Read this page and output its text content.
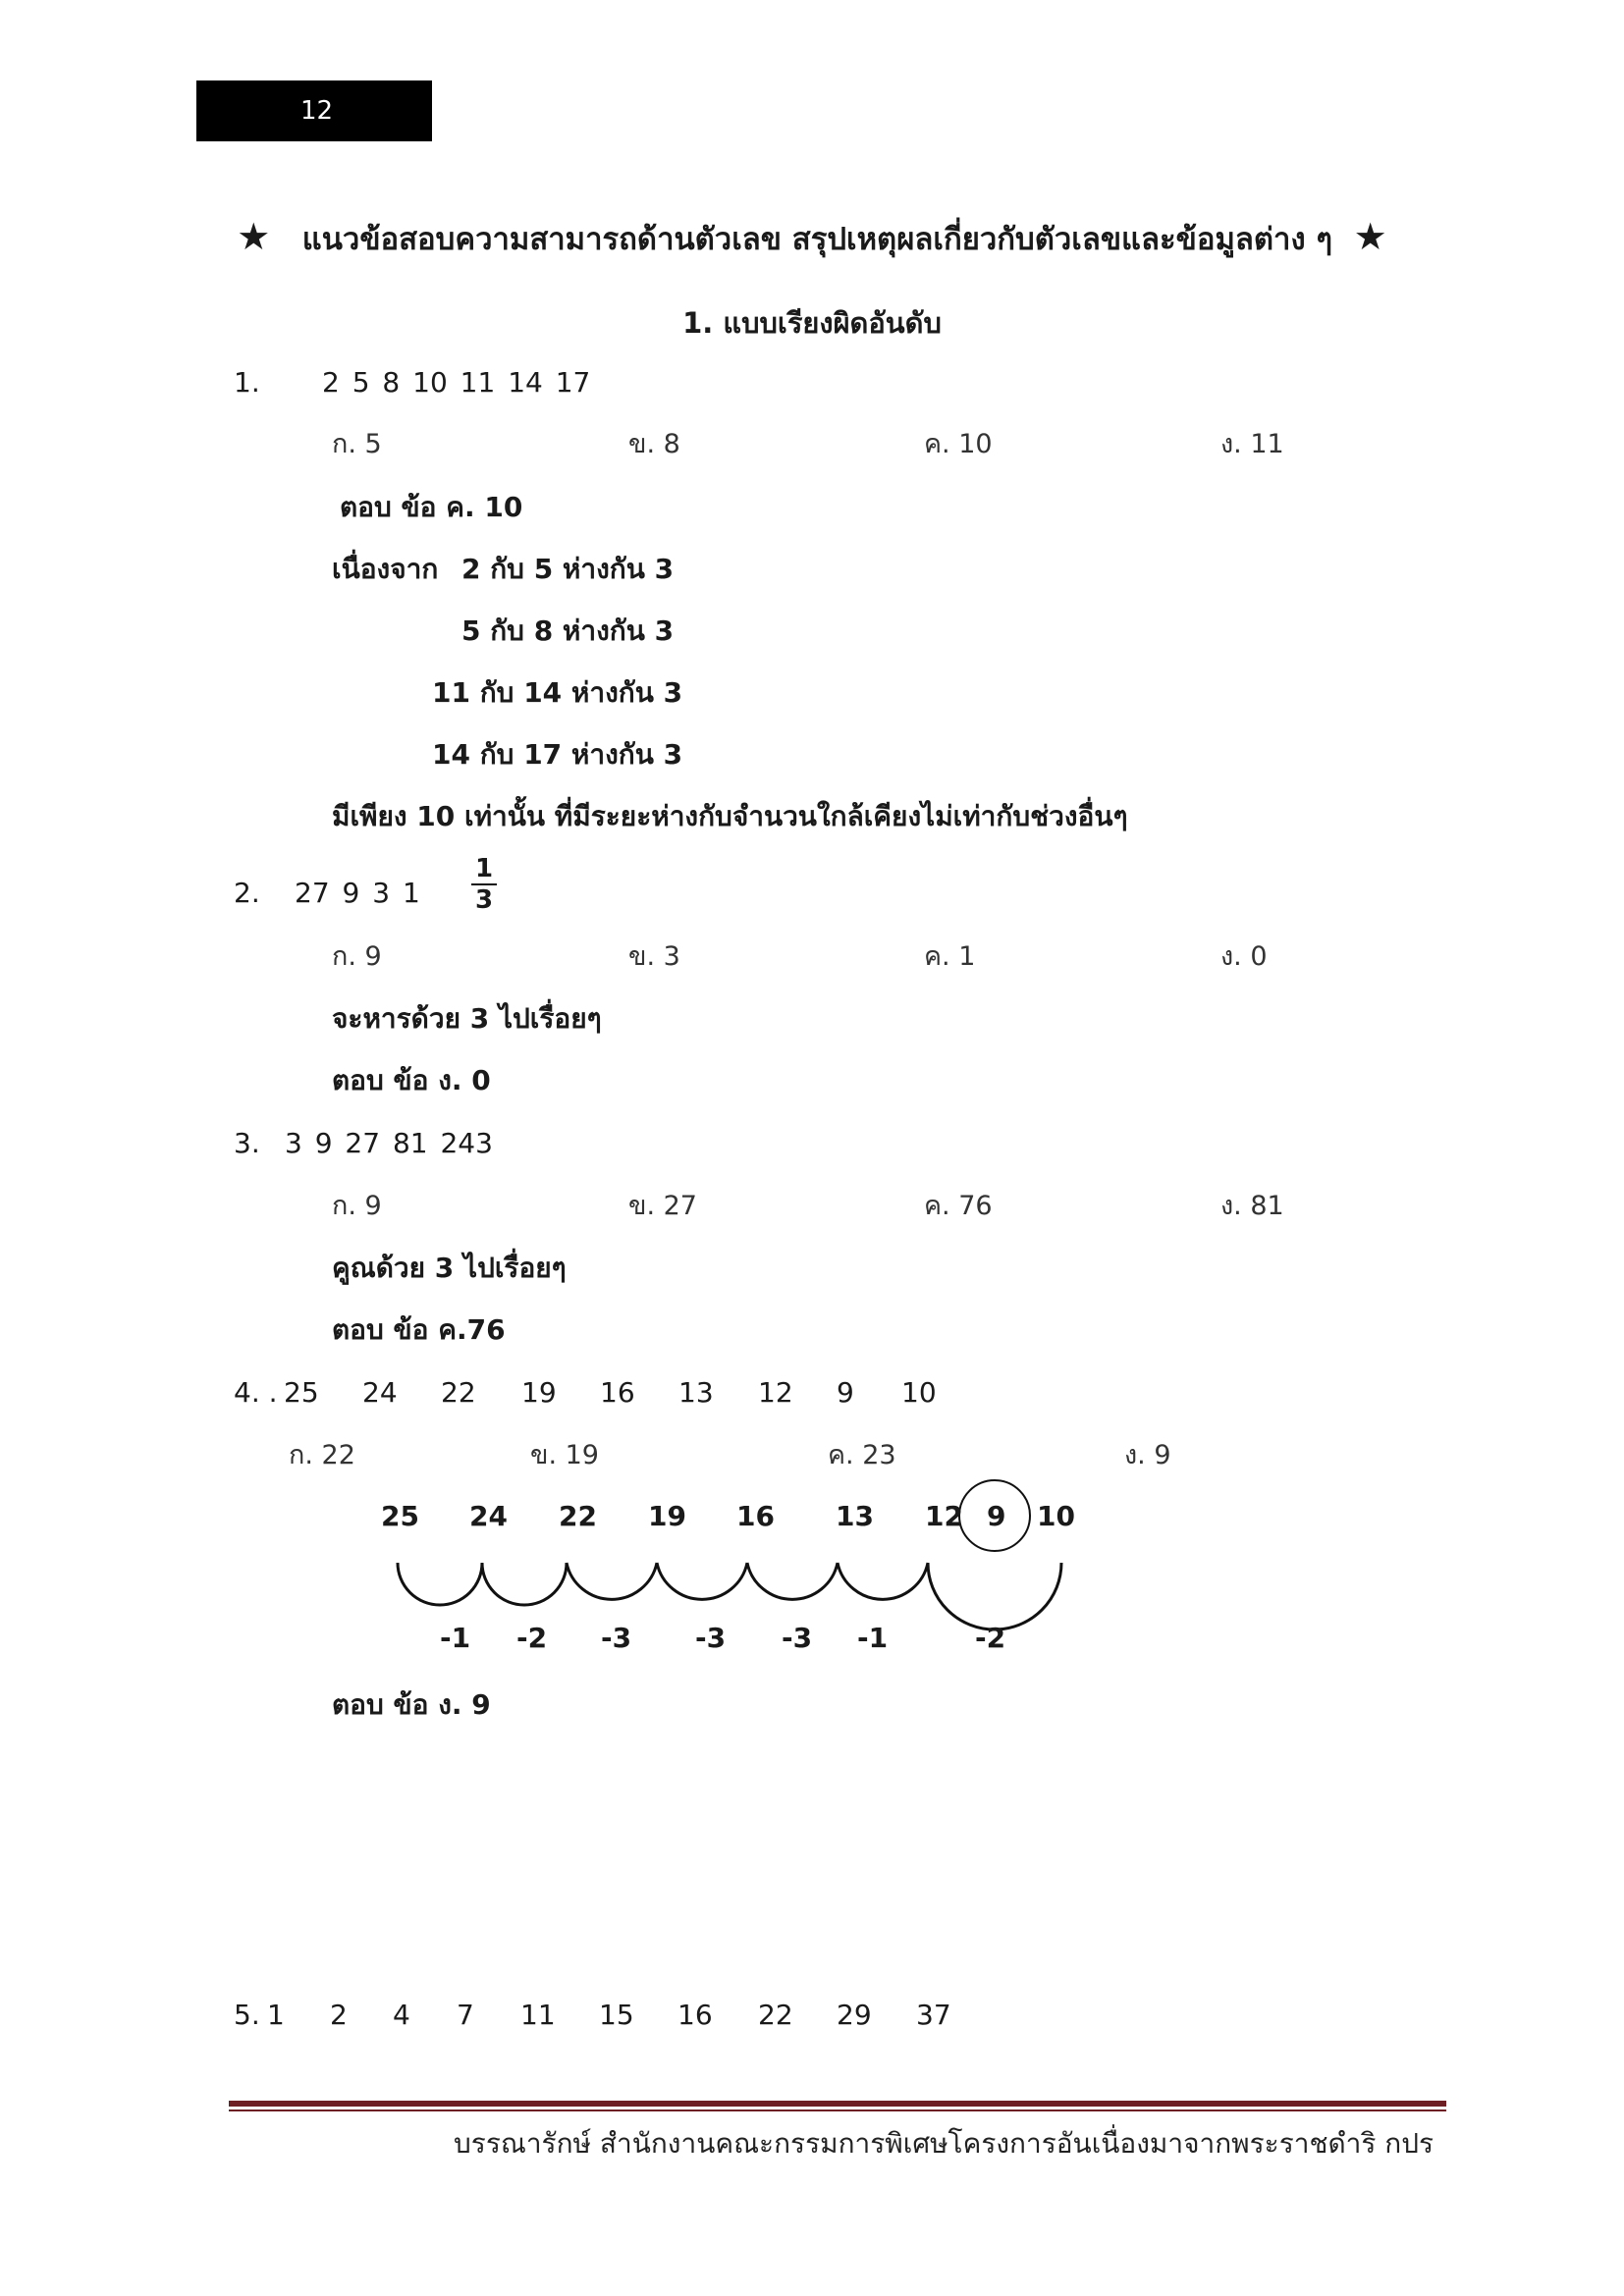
12
★ แนวข้อสอบความสามารถด้านตัวเลข สรุปเหตุผลเกี่ยวกับตัวเลขและข้อมูลต่าง ๆ ★
1. แบบเรียงผิดอันดับ
1. 2 5 8 10 11 14 17
ก. 5	ข. 8	ค. 10	ง. 11
ตอบ ข้อ ค. 10
เนื่องจาก 2 กับ 5 ห่างกัน 3
5 กับ 8 ห่างกัน 3
11 กับ 14 ห่างกัน 3
14 กับ 17 ห่างกัน 3
มีเพียง 10 เท่านั้น ที่มีระยะห่างกับจำนวนใกล้เคียงไม่เท่ากับช่วงอื่นๆ
2. 27 9 3 $1 \frac{1}{3}$
ก. 9	ข. 3	ค. 1	ง. 0
จะหารด้วย 3 ไปเรื่อยๆ
ตอบ ข้อ ง. 0
3. 3 9 27 81 243
ก. 9	ข. 27	ค. 76	ง. 81
คูณด้วย 3 ไปเรื่อยๆ
ตอบ ข้อ ค.76
4. . 25 24 22 19 16 13 12 9 10
ก. 22	ข. 19	ค. 23	ง. 9
25 24 22 19 16 13 12 9 10
-1 -2 -3 -3 -3 -1	-2
ตอบ ข้อ ง. 9
5. 1 2 4 7 11 15 16 22 29 37
บรรณารักษ์ สำนักงานคณะกรรมการพิเศษโครงการอันเนื่องมาจากพระราชดำริ กปร
